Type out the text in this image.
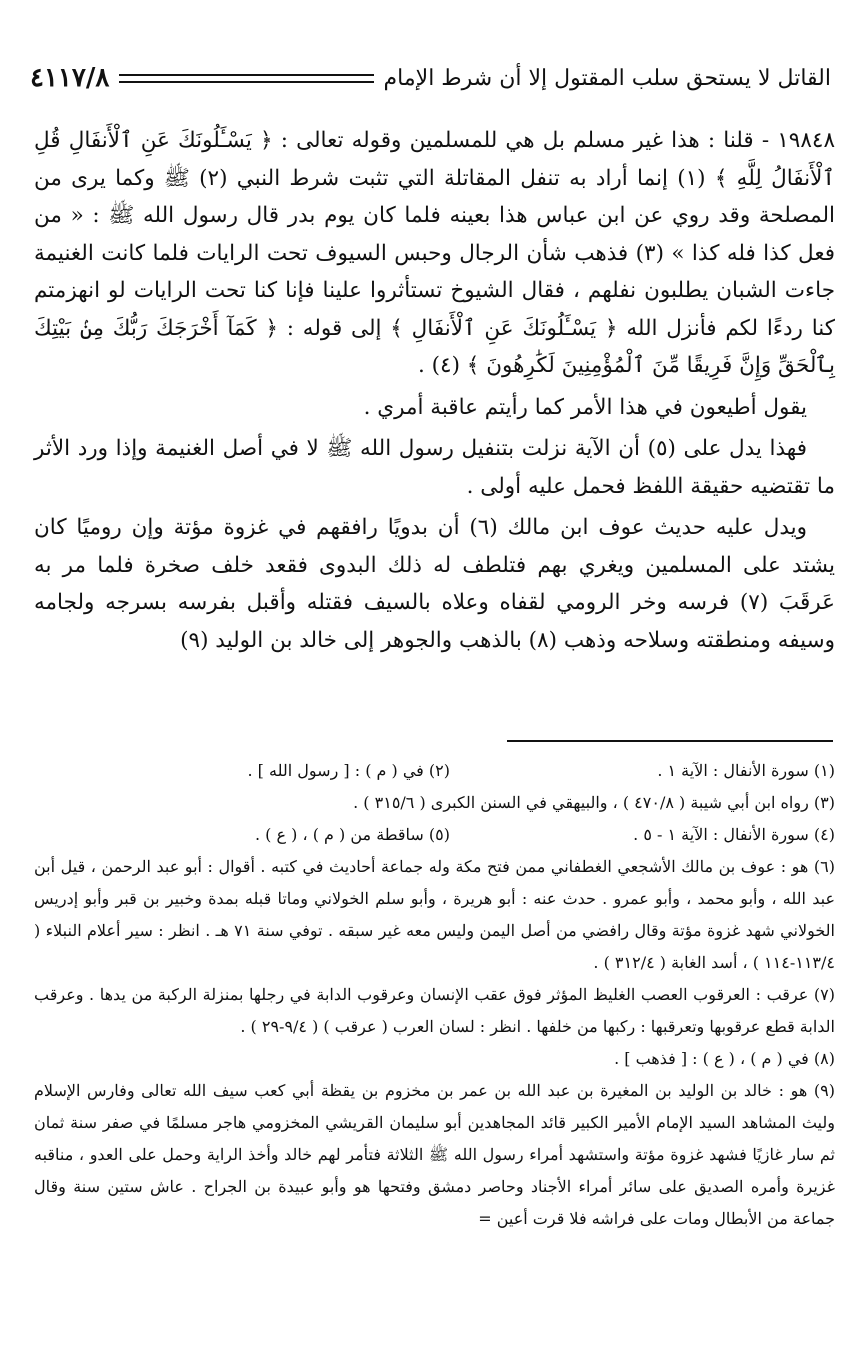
القاتل لا يستحق سلب المقتول إلا أن شرط الإمام
٤١١٧/٨

١٩٨٤٨ - قلنا : هذا غير مسلم بل هي للمسلمين وقوله تعالى : ﴿ يَسْـَٔلُونَكَ عَنِ ٱلْأَنفَالِ قُلِ ٱلْأَنفَالُ لِلَّهِ ﴾ (١) إنما أراد به تنفل المقاتلة التي تثبت شرط النبي (٢) ﷺ وكما يرى من المصلحة وقد روي عن ابن عباس هذا بعينه فلما كان يوم بدر قال رسول الله ﷺ : « من فعل كذا فله كذا » (٣) فذهب شأن الرجال وحبس السيوف تحت الرايات فلما كانت الغنيمة جاءت الشبان يطلبون نفلهم ، فقال الشيوخ تستأثروا علينا فإنا كنا تحت الرايات لو انهزمتم كنا ردءًا لكم فأنزل الله ﴿ يَسْـَٔلُونَكَ عَنِ ٱلْأَنفَالِ ﴾ إلى قوله : ﴿ كَمَآ أَخْرَجَكَ رَبُّكَ مِنۢ بَيْتِكَ بِٱلْحَقِّ وَإِنَّ فَرِيقًا مِّنَ ٱلْمُؤْمِنِينَ لَكَٰرِهُونَ ﴾ (٤) .

يقول أطيعون في هذا الأمر كما رأيتم عاقبة أمري .

فهذا يدل على (٥) أن الآية نزلت بتنفيل رسول الله ﷺ لا في أصل الغنيمة وإذا ورد الأثر ما تقتضيه حقيقة اللفظ فحمل عليه أولى .

ويدل عليه حديث عوف ابن مالك (٦) أن بدويًا رافقهم في غزوة مؤتة وإن روميًا كان يشتد على المسلمين ويغري بهم فتلطف له ذلك البدوى فقعد خلف صخرة فلما مر به عَرقَبَ (٧) فرسه وخر الرومي لقفاه وعلاه بالسيف فقتله وأقبل بفرسه بسرجه ولجامه وسيفه ومنطقته وسلاحه وذهب (٨) بالذهب والجوهر إلى خالد بن الوليد (٩)

(١) سورة الأنفال : الآية ١ .
(٢) في ( م ) : [ رسول الله ] .

(٣) رواه ابن أبي شيبة ( ٤٧٠/٨ ) ، والبيهقي في السنن الكبرى ( ٣١٥/٦ ) .

(٤) سورة الأنفال : الآية ١ - ٥ .
(٥) ساقطة من ( م ) ، ( ع ) .

(٦) هو : عوف بن مالك الأشجعي الغطفاني ممن فتح مكة وله جماعة أحاديث في كتبه . أقوال : أبو عبد الرحمن ، قيل أبن عبد الله ، وأبو محمد ، وأبو عمرو . حدث عنه : أبو هريرة ، وأبو سلم الخولاني وماتا قبله بمدة وخبير بن قبر وأبو إدريس الخولاني شهد غزوة مؤتة وقال رافضي من أصل اليمن وليس معه غير سبقه . توفي سنة ٧١ هـ . انظر : سير أعلام النبلاء ( ١١٣/٤-١١٤ ) ، أسد الغابة ( ٣١٢/٤ ) .

(٧) عرقب : العرقوب العصب الغليظ المؤثر فوق عقب الإنسان وعرقوب الدابة في رجلها بمنزلة الركبة من يدها . وعرقب الدابة قطع عرقوبها وتعرقبها : ركبها من خلفها . انظر : لسان العرب ( عرقب ) ( ٩/٤-٢٩ ) .

(٨) في ( م ) ، ( ع ) : [ فذهب ] .

(٩) هو : خالد بن الوليد بن المغيرة بن عبد الله بن عمر بن مخزوم بن يقظة أبي كعب سيف الله تعالى وفارس الإسلام وليث المشاهد السيد الإمام الأمير الكبير قائد المجاهدين أبو سليمان القريشي المخزومي هاجر مسلمًا في صفر سنة ثمان ثم سار غازيًا فشهد غزوة مؤتة واستشهد أمراء رسول الله ﷺ الثلاثة فتأمر لهم خالد وأخذ الراية وحمل على العدو ، مناقبه غزيرة وأمره الصديق على سائر أمراء الأجناد وحاصر دمشق وفتحها هو وأبو عبيدة بن الجراح . عاش ستين سنة وقال جماعة من الأبطال ومات على فراشه فلا قرت أعين =
